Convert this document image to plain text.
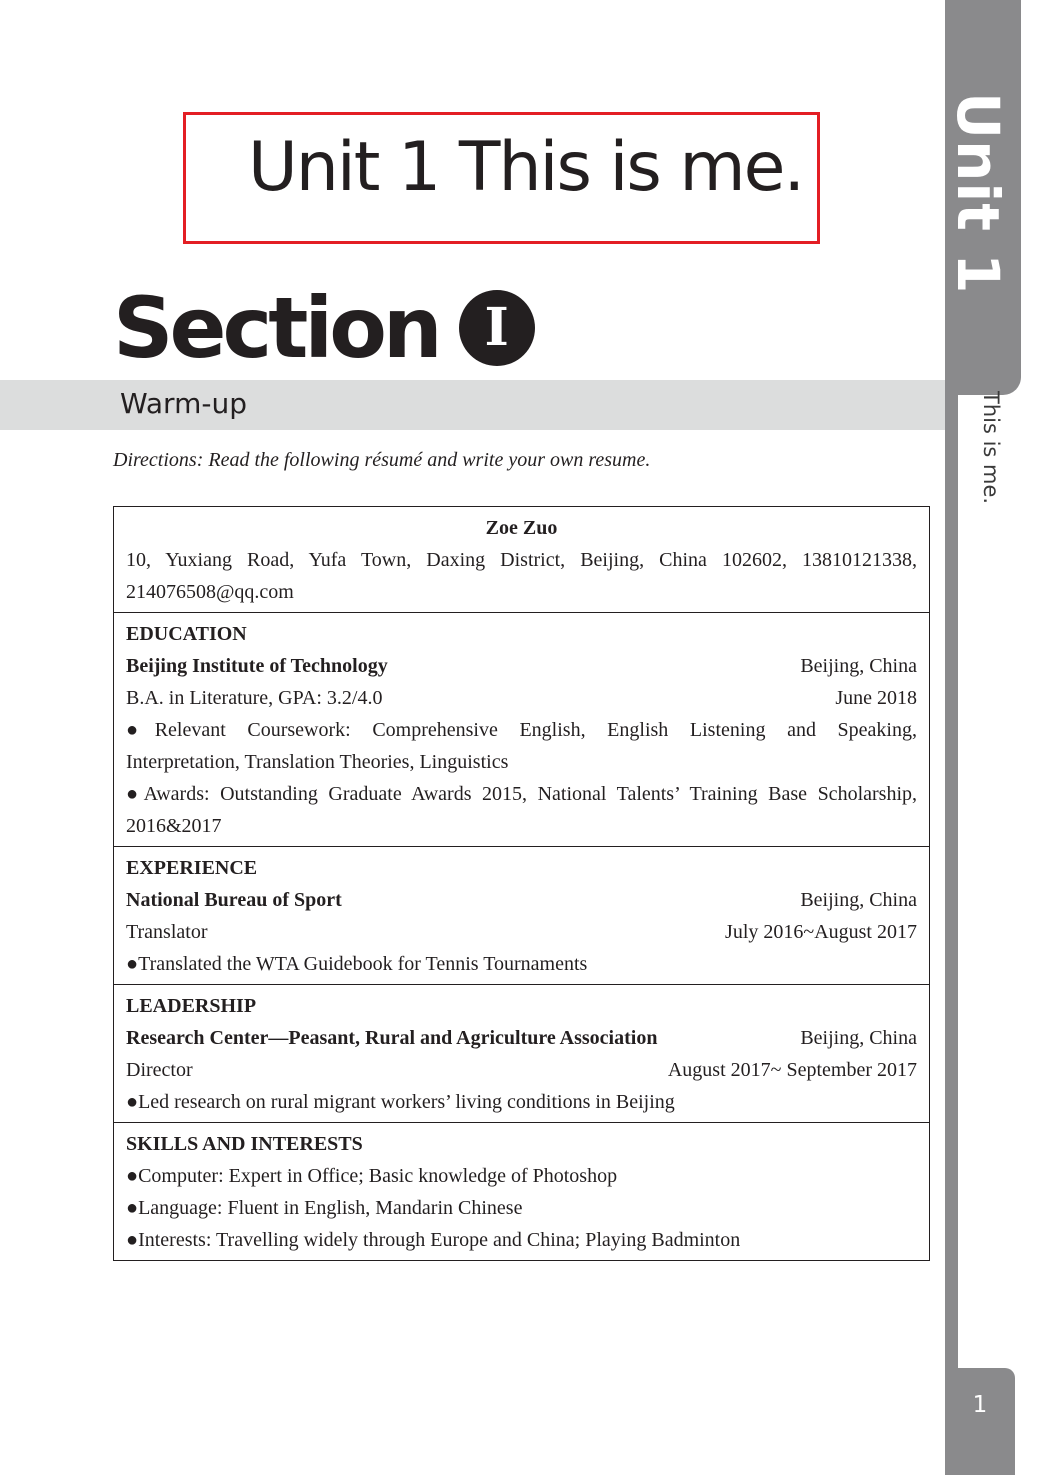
Unit 1
This is me.
1
Unit 1 This is me.
Section I
Warm-up
Directions: Read the following résumé and write your own resume.
Zoe Zuo
10, Yuxiang Road, Yufa Town, Daxing District, Beijing, China 102602, 13810121338,
214076508@qq.com
EDUCATION
Beijing Institute of Technology	Beijing, China
B.A. in Literature, GPA: 3.2/4.0	June 2018
●Relevant Coursework: Comprehensive English, English Listening and Speaking,
Interpretation, Translation Theories, Linguistics
●Awards: Outstanding Graduate Awards 2015, National Talents’ Training Base Scholarship,
2016&2017
EXPERIENCE
National Bureau of Sport	Beijing, China
Translator	July 2016~August 2017
●Translated the WTA Guidebook for Tennis Tournaments
LEADERSHIP
Research Center—Peasant, Rural and Agriculture Association	Beijing, China
Director	August 2017~ September 2017
●Led research on rural migrant workers’ living conditions in Beijing
SKILLS AND INTERESTS
●Computer: Expert in Office; Basic knowledge of Photoshop
●Language: Fluent in English, Mandarin Chinese
●Interests: Travelling widely through Europe and China; Playing Badminton
